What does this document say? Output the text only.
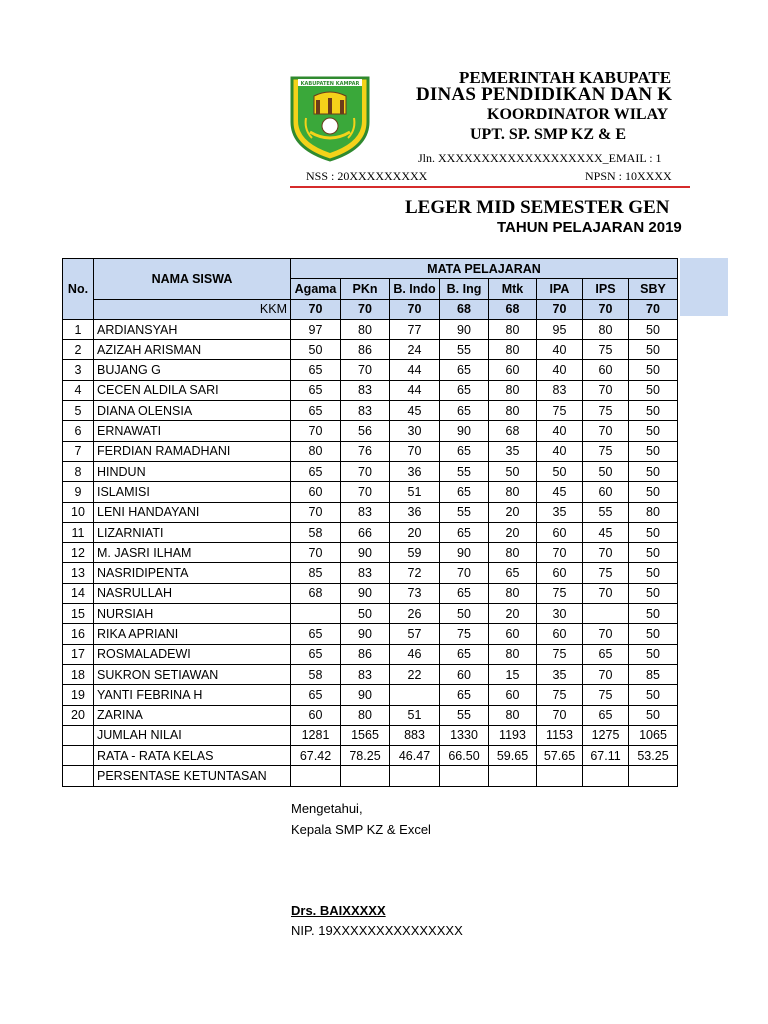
KABUPATEN KAMPAR	PEMERINTAH KABUPATE
DINAS PENDIDIKAN DAN K
KOORDINATOR WILAY
UPT. SP. SMP KZ & E
Jln. XXXXXXXXXXXXXXXXXXX_EMAIL : 1
NSS : 20XXXXXXXXX	NPSN : 10XXXX
LEGER MID SEMESTER GEN
TAHUN PELAJARAN 2019
No.	NAMA SISWA	MATA PELAJARAN							
		Agama	PKn	B. Indo	B. Ing	Mtk	IPA	IPS	SBY
	KKM	70	70	70	68	68	70	70	70
1	ARDIANSYAH	97	80	77	90	80	95	80	50
2	AZIZAH ARISMAN	50	86	24	55	80	40	75	50
3	BUJANG G	65	70	44	65	60	40	60	50
4	CECEN ALDILA SARI	65	83	44	65	80	83	70	50
5	DIANA OLENSIA	65	83	45	65	80	75	75	50
6	ERNAWATI	70	56	30	90	68	40	70	50
7	FERDIAN RAMADHANI	80	76	70	65	35	40	75	50
8	HINDUN	65	70	36	55	50	50	50	50
9	ISLAMISI	60	70	51	65	80	45	60	50
10	LENI HANDAYANI	70	83	36	55	20	35	55	80
11	LIZARNIATI	58	66	20	65	20	60	45	50
12	M. JASRI ILHAM	70	90	59	90	80	70	70	50
13	NASRIDIPENTA	85	83	72	70	65	60	75	50
14	NASRULLAH	68	90	73	65	80	75	70	50
15	NURSIAH		50	26	50	20	30		50
16	RIKA APRIANI	65	90	57	75	60	60	70	50
17	ROSMALADEWI	65	86	46	65	80	75	65	50
18	SUKRON SETIAWAN	58	83	22	60	15	35	70	85
19	YANTI FEBRINA H	65	90		65	60	75	75	50
20	ZARINA	60	80	51	55	80	70	65	50
	JUMLAH NILAI	1281	1565	883	1330	1193	1153	1275	1065
	RATA - RATA KELAS	67.42	78.25	46.47	66.50	59.65	57.65	67.11	53.25
	PERSENTASE KETUNTASAN								
Mengetahui,
Kepala SMP KZ & Excel
Drs. BAIXXXXX
NIP. 19XXXXXXXXXXXXXXX
